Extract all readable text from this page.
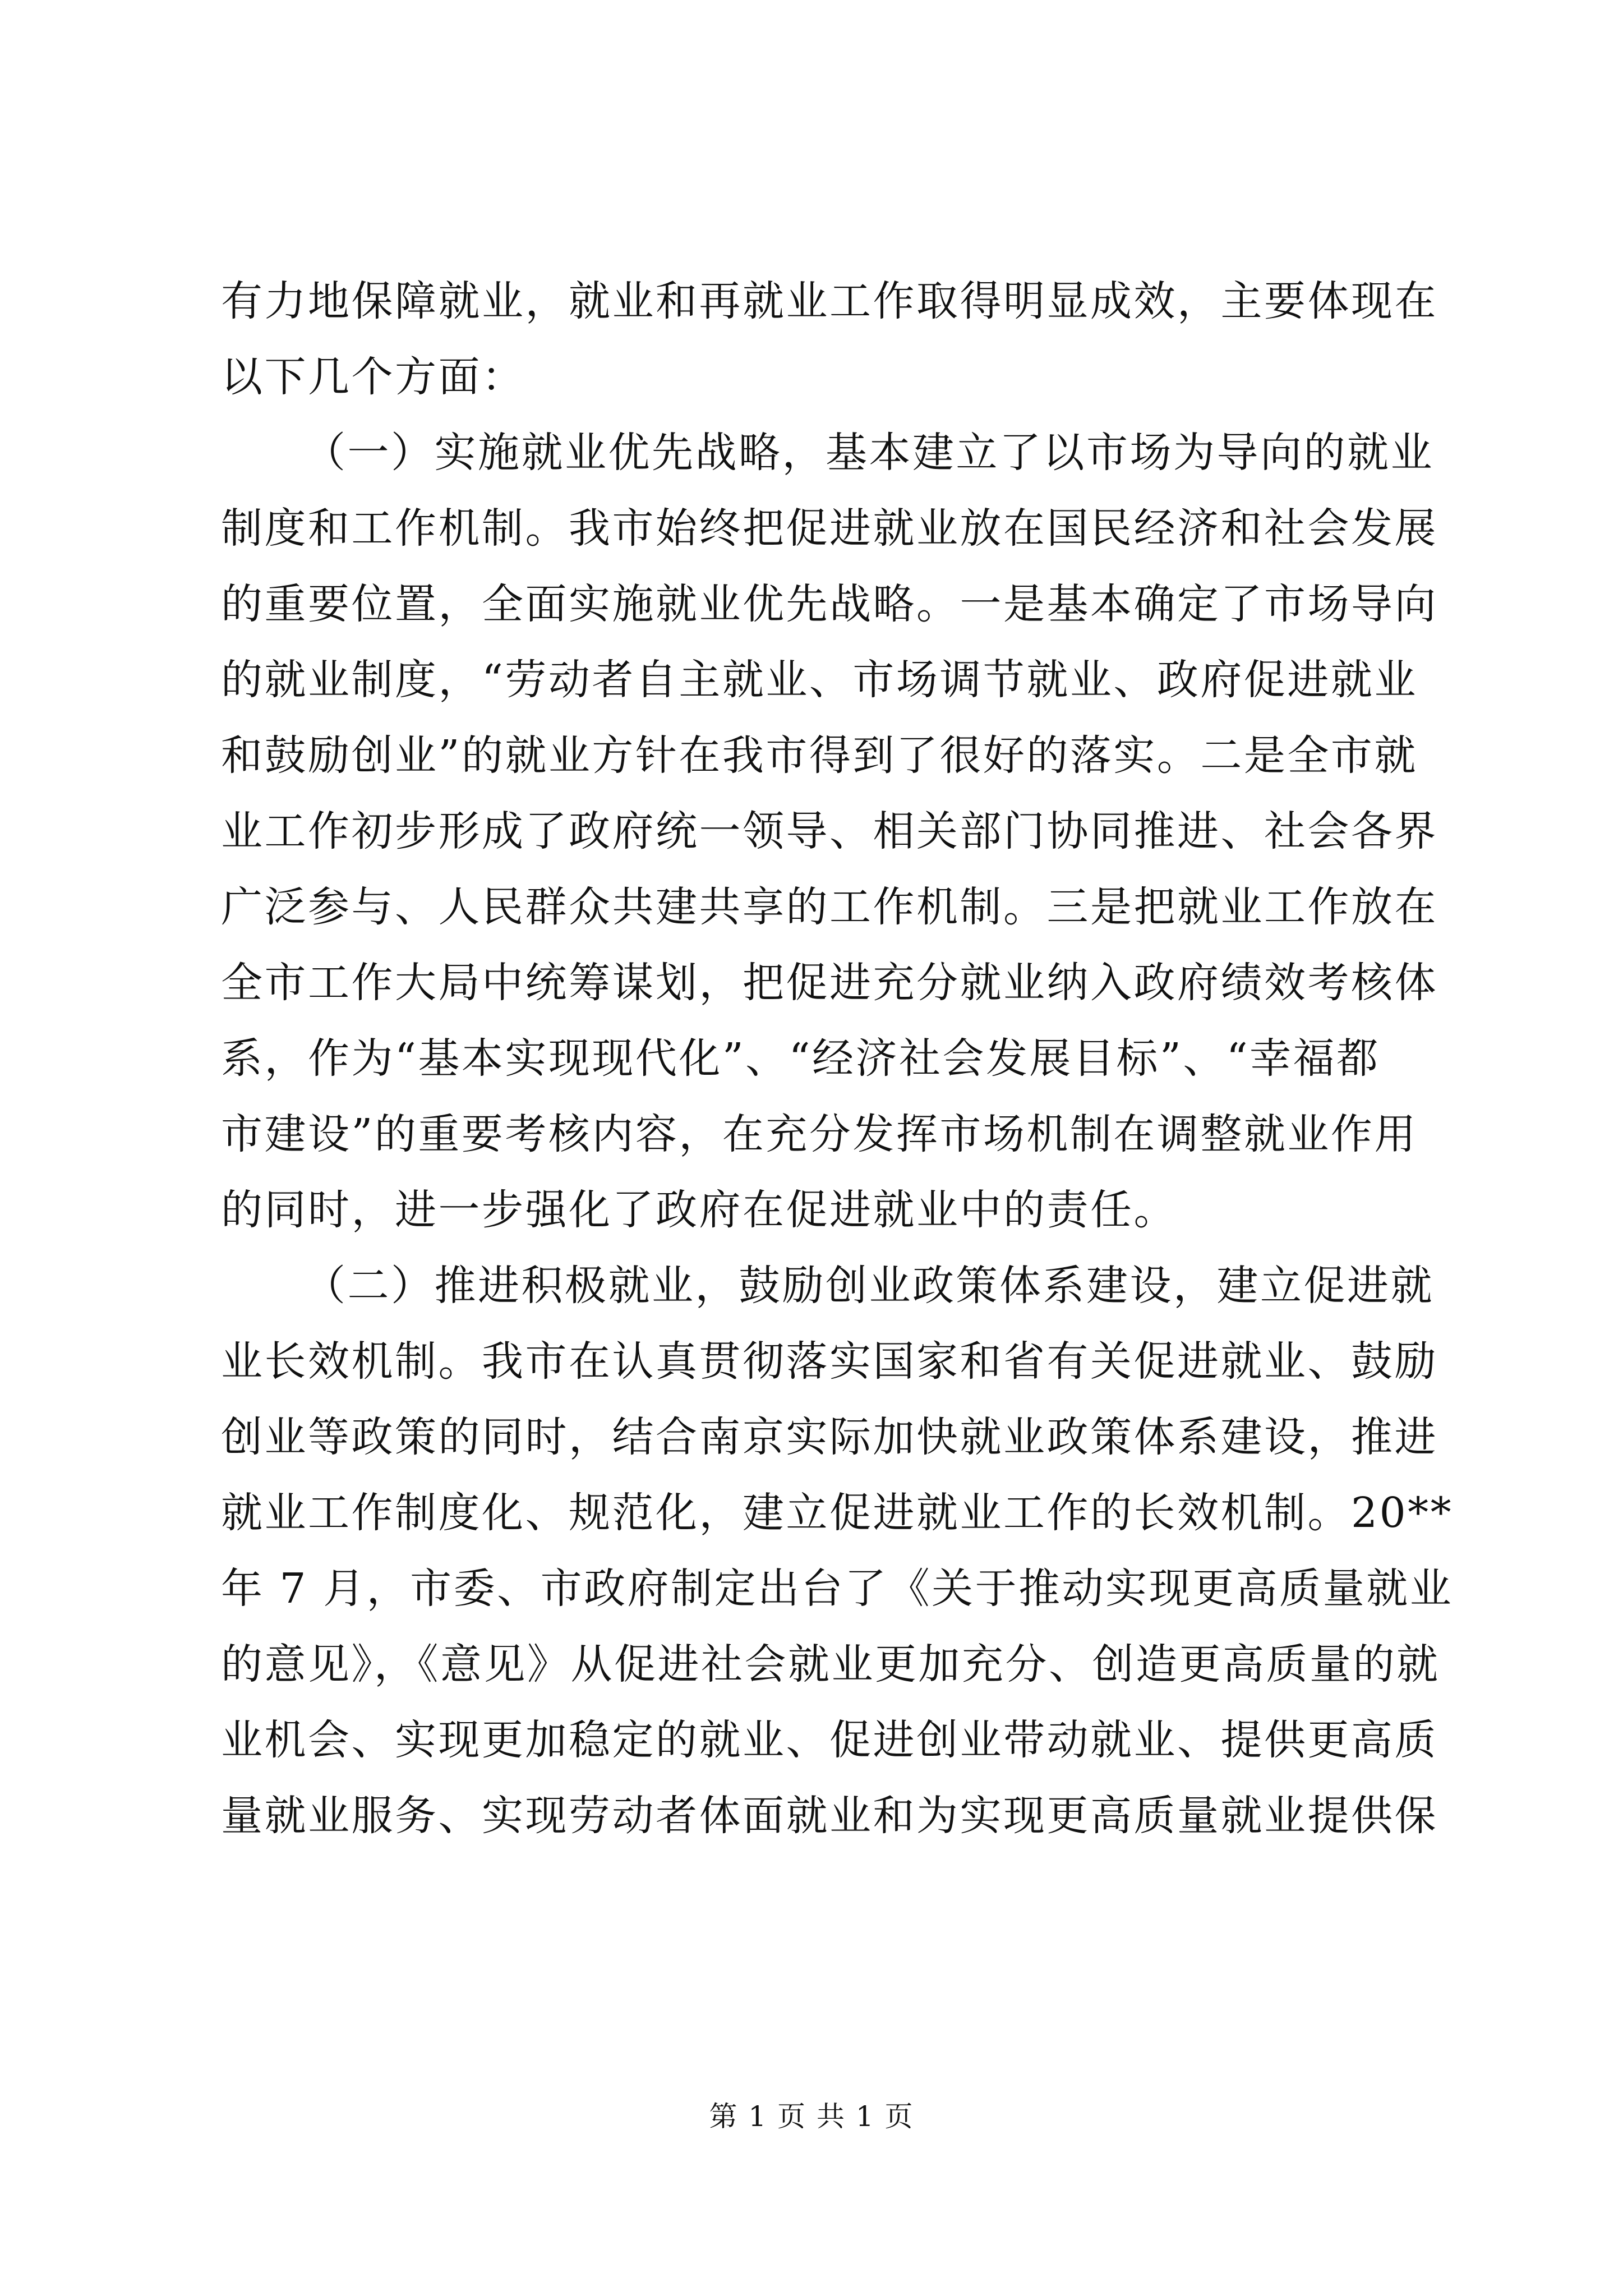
有力地保障就业，就业和再就业工作取得明显成效，主要体现在
以下几个方面：
（一）实施就业优先战略，基本建立了以市场为导向的就业
制度和工作机制。我市始终把促进就业放在国民经济和社会发展
的重要位置，全面实施就业优先战略。一是基本确定了市场导向
的就业制度，“劳动者自主就业、市场调节就业、政府促进就业
和鼓励创业”的就业方针在我市得到了很好的落实。二是全市就
业工作初步形成了政府统一领导、相关部门协同推进、社会各界
广泛参与、人民群众共建共享的工作机制。三是把就业工作放在
全市工作大局中统筹谋划，把促进充分就业纳入政府绩效考核体
系，作为“基本实现现代化”、“经济社会发展目标”、“幸福都
市建设”的重要考核内容，在充分发挥市场机制在调整就业作用
的同时，进一步强化了政府在促进就业中的责任。
（二）推进积极就业，鼓励创业政策体系建设，建立促进就
业长效机制。我市在认真贯彻落实国家和省有关促进就业、鼓励
创业等政策的同时，结合南京实际加快就业政策体系建设，推进
就业工作制度化、规范化，建立促进就业工作的长效机制。20**
年 7 月，市委、市政府制定出台了《关于推动实现更高质量就业
的意见》，《意见》从促进社会就业更加充分、创造更高质量的就
业机会、实现更加稳定的就业、促进创业带动就业、提供更高质
量就业服务、实现劳动者体面就业和为实现更高质量就业提供保
第 1 页 共 1 页
